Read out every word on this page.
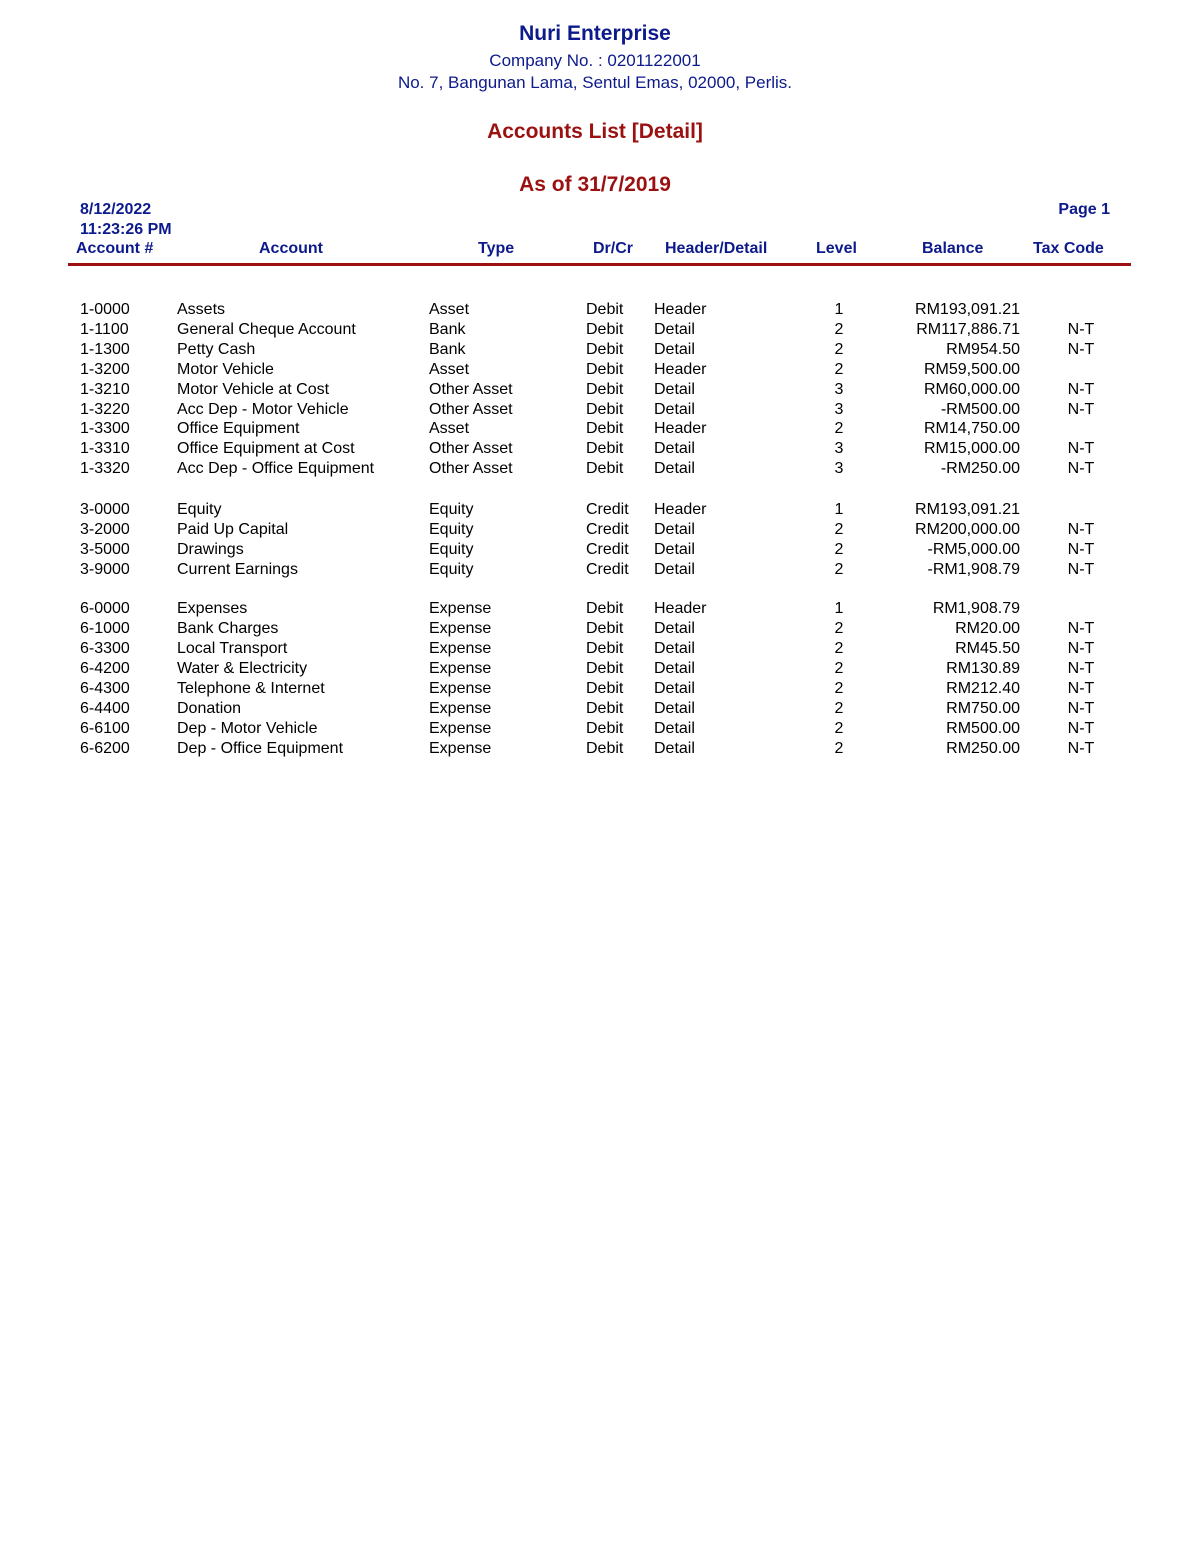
Nuri Enterprise
Company No. : 0201122001
No. 7, Bangunan Lama, Sentul Emas, 02000, Perlis.
Accounts List [Detail]
As of 31/7/2019
8/12/2022
11:23:26 PM
Page 1
Account #	Account	Type	Dr/Cr Header/Detail	Level	Balance	Tax Code
1-0000	Assets	Asset	Debit Header	1	RM193,091.21
1-1100	General Cheque Account	Bank	Debit Detail	2	RM117,886.71	N-T
1-1300	Petty Cash	Bank	Debit Detail	2	RM954.50	N-T
1-3200	Motor Vehicle	Asset	Debit Header	2	RM59,500.00
1-3210	Motor Vehicle at Cost	Other Asset	Debit Detail	3	RM60,000.00	N-T
1-3220	Acc Dep - Motor Vehicle	Other Asset	Debit Detail	3	-RM500.00	N-T
1-3300	Office Equipment	Asset	Debit Header	2	RM14,750.00
1-3310	Office Equipment at Cost	Other Asset	Debit Detail	3	RM15,000.00	N-T
1-3320	Acc Dep - Office Equipment	Other Asset	Debit Detail	3	-RM250.00	N-T
3-0000	Equity	Equity	Credit Header	1	RM193,091.21
3-2000	Paid Up Capital	Equity	Credit Detail	2	RM200,000.00	N-T
3-5000	Drawings	Equity	Credit Detail	2	-RM5,000.00	N-T
3-9000	Current Earnings	Equity	Credit Detail	2	-RM1,908.79	N-T
6-0000	Expenses	Expense	Debit Header	1	RM1,908.79
6-1000	Bank Charges	Expense	Debit Detail	2	RM20.00	N-T
6-3300	Local Transport	Expense	Debit Detail	2	RM45.50	N-T
6-4200	Water & Electricity	Expense	Debit Detail	2	RM130.89	N-T
6-4300	Telephone & Internet	Expense	Debit Detail	2	RM212.40	N-T
6-4400	Donation	Expense	Debit Detail	2	RM750.00	N-T
6-6100	Dep - Motor Vehicle	Expense	Debit Detail	2	RM500.00	N-T
6-6200	Dep - Office Equipment	Expense	Debit Detail	2	RM250.00	N-T
